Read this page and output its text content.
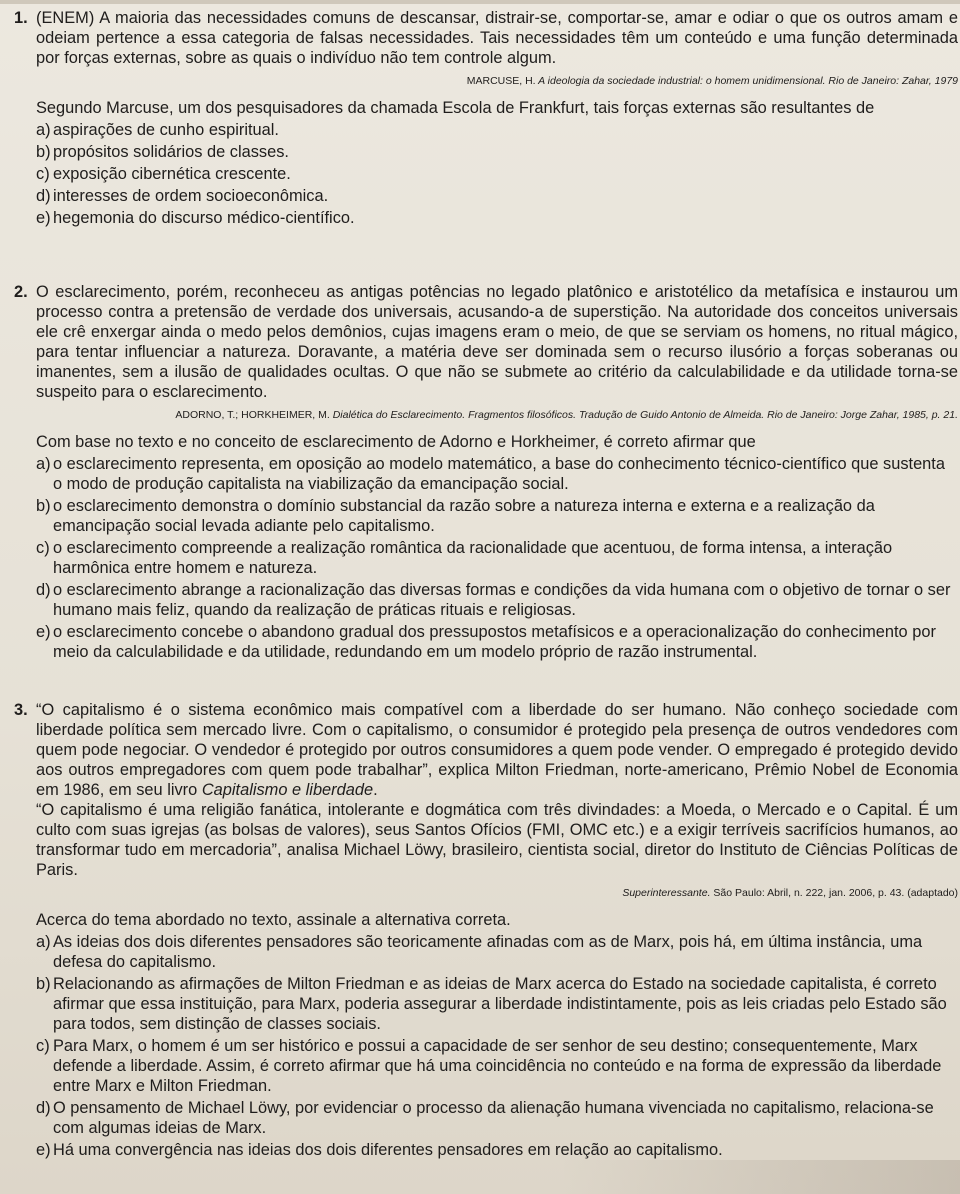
1. (ENEM) A maioria das necessidades comuns de descansar, distrair-se, comportar-se, amar e odiar o que os outros amam e odeiam pertence a essa categoria de falsas necessidades. Tais necessidades têm um conteúdo e uma função determinada por forças externas, sobre as quais o indivíduo não tem controle algum.
MARCUSE, H. A ideologia da sociedade industrial: o homem unidimensional. Rio de Janeiro: Zahar, 1979
Segundo Marcuse, um dos pesquisadores da chamada Escola de Frankfurt, tais forças externas são resultantes de
a) aspirações de cunho espiritual.
b) propósitos solidários de classes.
c) exposição cibernética crescente.
d) interesses de ordem socioeconômica.
e) hegemonia do discurso médico-científico.
2. O esclarecimento, porém, reconheceu as antigas potências no legado platônico e aristotélico da metafísica e instaurou um processo contra a pretensão de verdade dos universais, acusando-a de superstição. Na autoridade dos conceitos universais ele crê enxergar ainda o medo pelos demônios, cujas imagens eram o meio, de que se serviam os homens, no ritual mágico, para tentar influenciar a natureza. Doravante, a matéria deve ser dominada sem o recurso ilusório a forças soberanas ou imanentes, sem a ilusão de qualidades ocultas. O que não se submete ao critério da calculabilidade e da utilidade torna-se suspeito para o esclarecimento.
ADORNO, T.; HORKHEIMER, M. Dialética do Esclarecimento. Fragmentos filosóficos. Tradução de Guido Antonio de Almeida. Rio de Janeiro: Jorge Zahar, 1985, p. 21.
Com base no texto e no conceito de esclarecimento de Adorno e Horkheimer, é correto afirmar que
a) o esclarecimento representa, em oposição ao modelo matemático, a base do conhecimento técnico-científico que sustenta o modo de produção capitalista na viabilização da emancipação social.
b) o esclarecimento demonstra o domínio substancial da razão sobre a natureza interna e externa e a realização da emancipação social levada adiante pelo capitalismo.
c) o esclarecimento compreende a realização romântica da racionalidade que acentuou, de forma intensa, a interação harmônica entre homem e natureza.
d) o esclarecimento abrange a racionalização das diversas formas e condições da vida humana com o objetivo de tornar o ser humano mais feliz, quando da realização de práticas rituais e religiosas.
e) o esclarecimento concebe o abandono gradual dos pressupostos metafísicos e a operacionalização do conhecimento por meio da calculabilidade e da utilidade, redundando em um modelo próprio de razão instrumental.
3. “O capitalismo é o sistema econômico mais compatível com a liberdade do ser humano. Não conheço sociedade com liberdade política sem mercado livre. Com o capitalismo, o consumidor é protegido pela presença de outros vendedores com quem pode negociar. O vendedor é protegido por outros consumidores a quem pode vender. O empregado é protegido devido aos outros empregadores com quem pode trabalhar”, explica Milton Friedman, norte-americano, Prêmio Nobel de Economia em 1986, em seu livro Capitalismo e liberdade.
“O capitalismo é uma religião fanática, intolerante e dogmática com três divindades: a Moeda, o Mercado e o Capital. É um culto com suas igrejas (as bolsas de valores), seus Santos Ofícios (FMI, OMC etc.) e a exigir terríveis sacrifícios humanos, ao transformar tudo em mercadoria”, analisa Michael Löwy, brasileiro, cientista social, diretor do Instituto de Ciências Políticas de Paris.
Superinteressante. São Paulo: Abril, n. 222, jan. 2006, p. 43. (adaptado)
Acerca do tema abordado no texto, assinale a alternativa correta.
a) As ideias dos dois diferentes pensadores são teoricamente afinadas com as de Marx, pois há, em última instância, uma defesa do capitalismo.
b) Relacionando as afirmações de Milton Friedman e as ideias de Marx acerca do Estado na sociedade capitalista, é correto afirmar que essa instituição, para Marx, poderia assegurar a liberdade indistintamente, pois as leis criadas pelo Estado são para todos, sem distinção de classes sociais.
c) Para Marx, o homem é um ser histórico e possui a capacidade de ser senhor de seu destino; consequentemente, Marx defende a liberdade. Assim, é correto afirmar que há uma coincidência no conteúdo e na forma de expressão da liberdade entre Marx e Milton Friedman.
d) O pensamento de Michael Löwy, por evidenciar o processo da alienação humana vivenciada no capitalismo, relaciona-se com algumas ideias de Marx.
e) Há uma convergência nas ideias dos dois diferentes pensadores em relação ao capitalismo.
